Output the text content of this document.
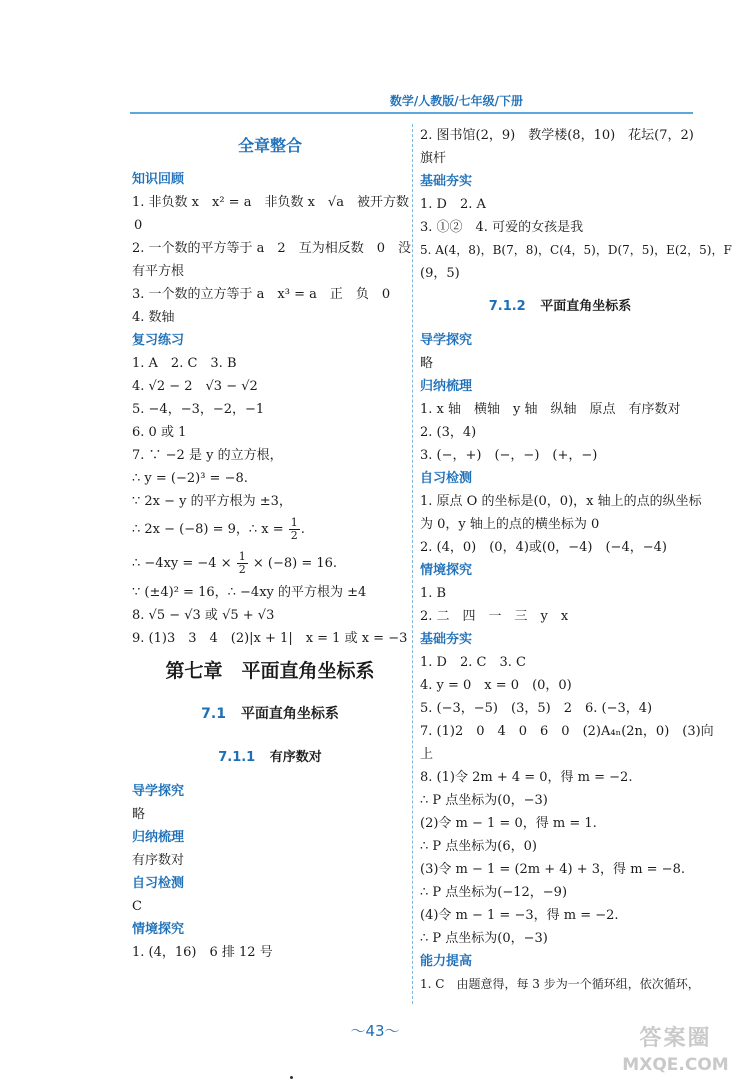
数学/人教版/七年级/下册
全章整合
知识回顾

1. 非负数 x　x² = a　非负数 x　√a　被开方数

0

2. 一个数的平方等于 a　2　互为相反数　0　没

有平方根

3. 一个数的立方等于 a　x³ = a　正　负　0

4. 数轴

复习练习

1. A　2. C　3. B

4. √2 − 2　√3 − √2

5. −4，−3，−2，−1

6. 0 或 1

7. ∵ −2 是 y 的立方根，

∴ y = (−2)³ = −8.

∵ 2x − y 的平方根为 ±3，

∴ 2x − (−8) = 9，∴ $x = \frac{1}{2}$ .

∴ $-4xy = -4 \times \frac{1}{2} \times (-8) = 16$.

∵ (±4)² = 16，∴ −4xy 的平方根为 ±4

8. √5 − √3 或 √5 + √3

9. (1)3　3　4　(2)|x + 1|　x = 1 或 x = −3

第七章　平面直角坐标系
7.1 平面直角坐标系
7.1.1 有序数对
导学探究

略

归纳梳理

有序数对

自习检测

C

情境探究

1. (4，16)　6 排 12 号

2. 图书馆(2，9)　教学楼(8，10)　花坛(7，2)

旗杆

基础夯实

1. D　2. A

3. ①②　4. 可爱的女孩是我

5. A(4，8)，B(7，8)，C(4，5)，D(7，5)，E(2，5)，F

(9，5)

7.1.2 平面直角坐标系
导学探究

略

归纳梳理

1. x 轴　横轴　y 轴　纵轴　原点　有序数对

2. (3，4)

3. (−，+)　(−，−)　(+，−)

自习检测

1. 原点 O 的坐标是(0，0)，x 轴上的点的纵坐标

为 0，y 轴上的点的横坐标为 0

2. (4，0)　(0，4)或(0，−4)　(−4，−4)

情境探究

1. B

2. 二　四　一　三　y　x

基础夯实

1. D　2. C　3. C

4. y = 0　x = 0　(0，0)

5. (−3，−5)　(3，5)　2　6. (−3，4)

7. (1)2　0　4　0　6　0　(2)A₄ₙ(2n，0)　(3)向

上

8. (1)令 2m + 4 = 0，得 m = −2.

∴ P 点坐标为(0，−3)

(2)令 m − 1 = 0，得 m = 1.

∴ P 点坐标为(6，0)

(3)令 m − 1 = (2m + 4) + 3，得 m = −8.

∴ P 点坐标为(−12，−9)

(4)令 m − 1 = −3，得 m = −2.

∴ P 点坐标为(0，−3)

能力提高

1. C　由题意得，每 3 步为一个循环组，依次循环，

～43～	答案圈
MXQE.COM
